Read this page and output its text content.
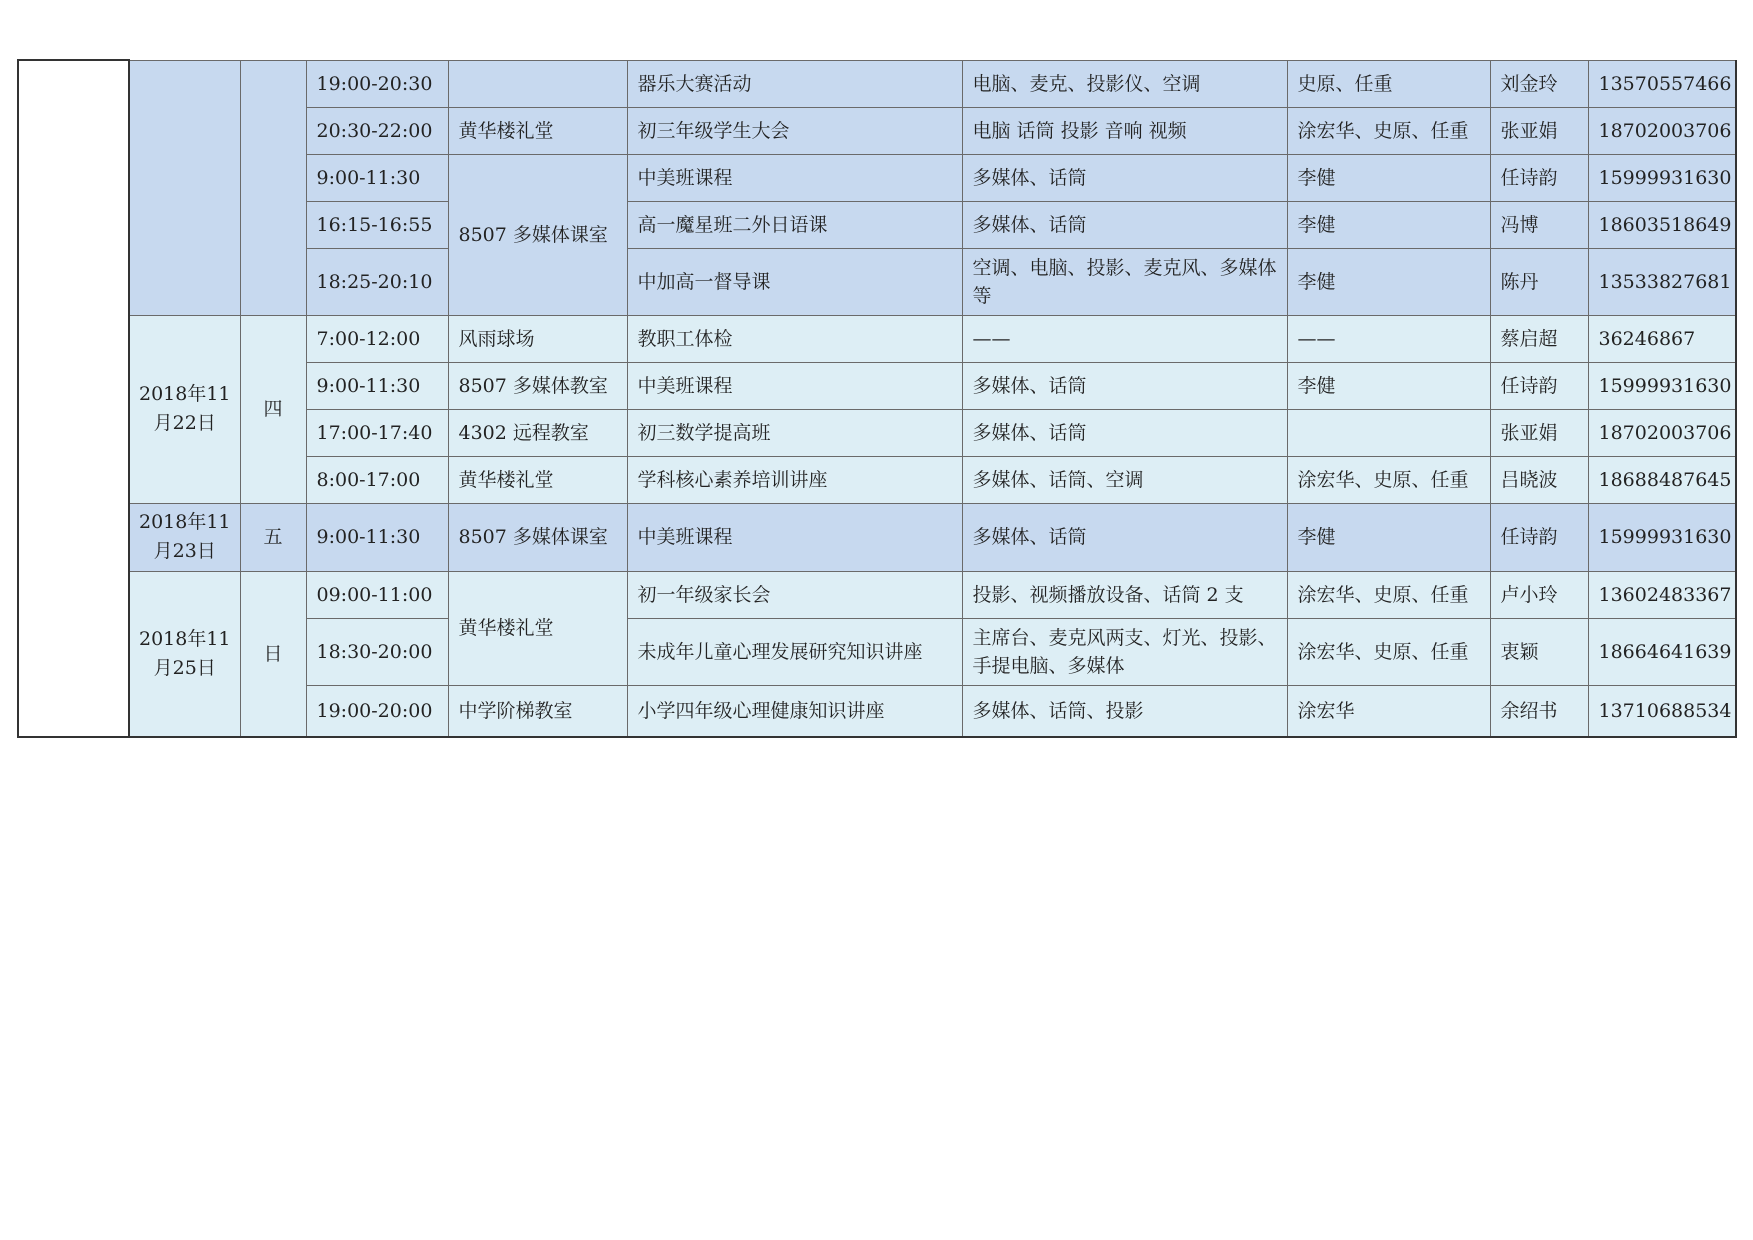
			19:00-20:30		器乐大赛活动	电脑、麦克、投影仪、空调	史原、任重	刘金玲	13570557466
			20:30-22:00	黄华楼礼堂	初三年级学生大会	电脑 话筒 投影 音响 视频	涂宏华、史原、任重	张亚娟	18702003706
			9:00-11:30	8507 多媒体课室	中美班课程	多媒体、话筒	李健	任诗韵	15999931630
			16:15-16:55		高一魔星班二外日语课	多媒体、话筒	李健	冯博	18603518649
			18:25-20:10		中加高一督导课	空调、电脑、投影、麦克风、多媒体等	李健	陈丹	13533827681
	2018年11月22日	四	7:00-12:00	风雨球场	教职工体检	——	——	蔡启超	36246867
			9:00-11:30	8507 多媒体教室	中美班课程	多媒体、话筒	李健	任诗韵	15999931630
			17:00-17:40	4302 远程教室	初三数学提高班	多媒体、话筒		张亚娟	18702003706
			8:00-17:00	黄华楼礼堂	学科核心素养培训讲座	多媒体、话筒、空调	涂宏华、史原、任重	吕晓波	18688487645
	2018年11月23日	五	9:00-11:30	8507 多媒体课室	中美班课程	多媒体、话筒	李健	任诗韵	15999931630
	2018年11月25日	日	09:00-11:00	黄华楼礼堂	初一年级家长会	投影、视频播放设备、话筒 2 支	涂宏华、史原、任重	卢小玲	13602483367
			18:30-20:00		未成年儿童心理发展研究知识讲座	主席台、麦克风两支、灯光、投影、手提电脑、多媒体	涂宏华、史原、任重	衷颖	18664641639
			19:00-20:00	中学阶梯教室	小学四年级心理健康知识讲座	多媒体、话筒、投影	涂宏华	余绍书	13710688534
